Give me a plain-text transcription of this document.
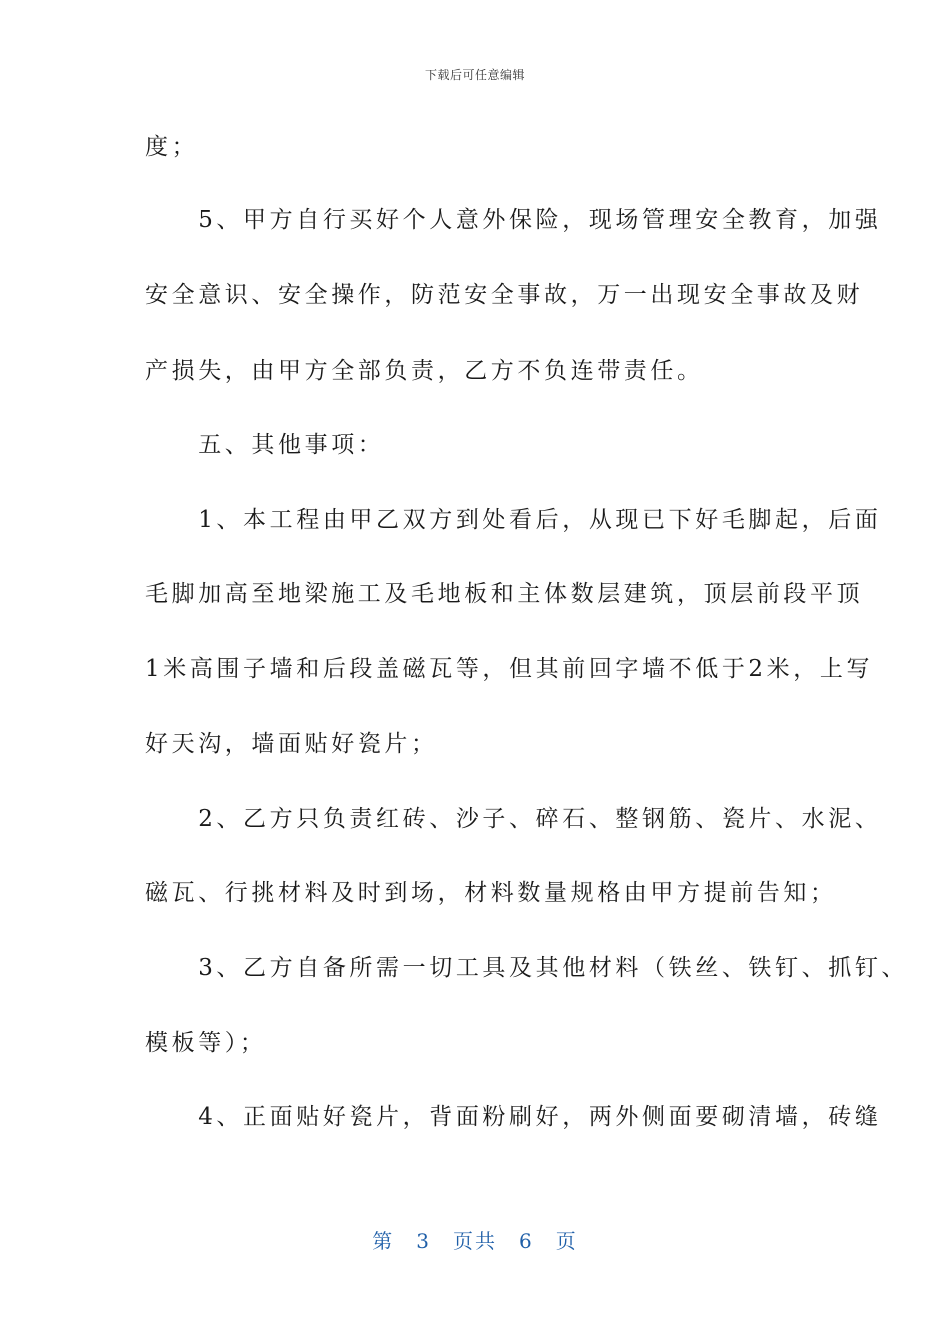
下载后可任意编辑
度；
　　5、甲方自行买好个人意外保险，现场管理安全教育，加强
安全意识、安全操作，防范安全事故，万一出现安全事故及财
产损失，由甲方全部负责，乙方不负连带责任。
　　五、其他事项：
　　1、本工程由甲乙双方到处看后，从现已下好毛脚起，后面
毛脚加高至地梁施工及毛地板和主体数层建筑，顶层前段平顶
1米高围子墙和后段盖磁瓦等，但其前回字墙不低于2米，上写
好天沟，墙面贴好瓷片；
　　2、乙方只负责红砖、沙子、碎石、整钢筋、瓷片、水泥、
磁瓦、行挑材料及时到场，材料数量规格由甲方提前告知；
　　3、乙方自备所需一切工具及其他材料（铁丝、铁钉、抓钉、
模板等）；
　　4、正面贴好瓷片，背面粉刷好，两外侧面要砌清墙，砖缝
第　3　页共　6　页
